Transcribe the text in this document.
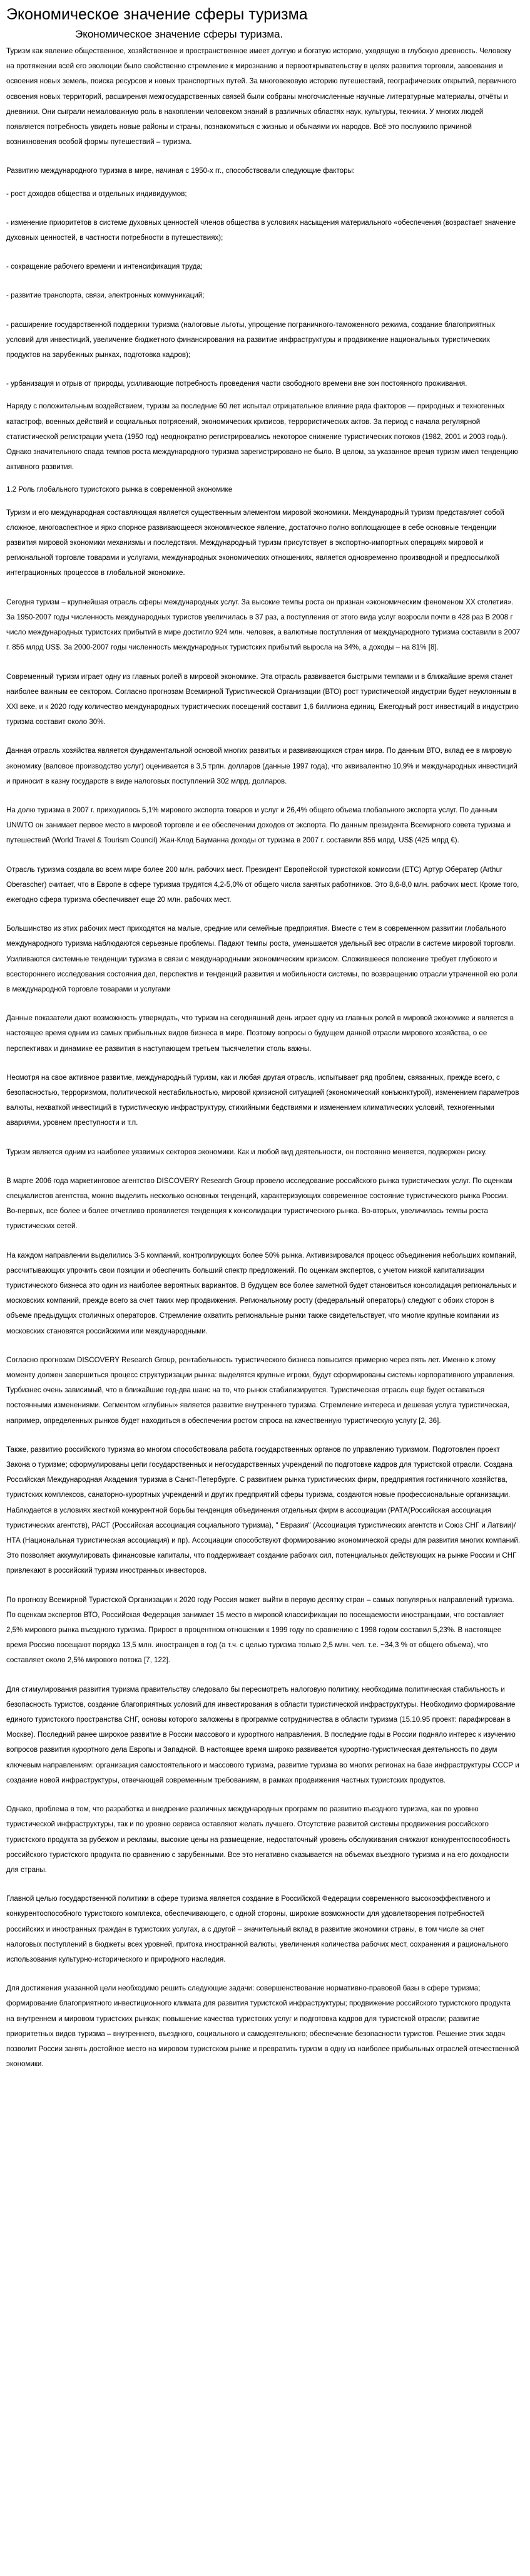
Экономическое значение сферы туризма
Экономическое значение сферы туризма.

Туризм как явление общественное, хозяйственное и пространственное имеет долгую и богатую историю, уходящую в глубокую древность. Человеку на протяжении всей его эволюции было свойственно стремление к мирознанию и первооткрывательству в целях развития торговли, завоевания и освоения новых земель, поиска ресурсов и новых транспортных путей. За многовековую историю путешествий, географических открытий, первичного освоения новых территорий, расширения межгосударственных связей были собраны многочисленные научные литературные материалы, отчёты и дневники. Они сыграли немаловажную роль в накоплении человеком знаний в различных областях наук, культуры, техники. У многих людей появляется потребность увидеть новые районы и страны, познакомиться с жизнью и обычаями их народов. Всё это послужило причиной возникновения особой формы путешествий – туризма.

Развитию международного туризма в мире, начиная с 1950-х гг., способствовали следующие факторы:

- рост доходов общества и отдельных индивидуумов;

- изменение приоритетов в системе духовных ценностей членов общества в условиях насыщения материального «обеспечения (возрастает значение духовных ценностей, в частности потребности в путешествиях);

- сокращение рабочего времени и интенсификация труда;

- развитие транспорта, связи, электронных коммуникаций;

- расширение государственной поддержки туризма (налоговые льготы, упрощение пограничного-таможенного режима, создание благоприятных условий для инвестиций, увеличение бюджетного финансирования на развитие инфраструктуры и продвижение национальных туристических продуктов на зарубежных рынках, подготовка кадров);

- урбанизация и отрыв от природы, усиливающие потребность проведения части свободного времени вне зон постоянного проживания.

Наряду с положительным воздействием, туризм за последние 60 лет испытал отрицательное влияние ряда факторов — природных и техногенных катастроф, военных действий и социальных потрясений, экономических кризисов, террористических актов. За период с начала регулярной статистической регистрации учета (1950 год) неоднократно регистрировались некоторое снижение туристических потоков (1982, 2001 и 2003 годы). Однако значительного спада темпов роста международного туризма зарегистрировано не было. В целом, за указанное время туризм имел тенденцию активного развития.

1.2 Роль глобального туристского рынка в современной экономике

Туризм и его международная составляющая является существенным элементом мировой экономики. Международный туризм представляет собой сложное, многоаспектное и ярко спорное развивающееся экономическое явление, достаточно полно воплощающее в себе основные тенденции развития мировой экономики механизмы и последствия. Международный туризм присутствует в экспортно-импортных операциях мировой и региональной торговле товарами и услугами, международных экономических отношениях, является одновременно производной и предпосылкой интеграционных процессов в глобальной экономике.

Сегодня туризм – крупнейшая отрасль сферы международных услуг. За высокие темпы роста он признан «экономическим феноменом XX столетия». За 1950-2007 годы численность международных туристов увеличилась в 37 раз, а поступления от этого вида услуг возросли почти в 428 раз В 2008 г число международных туристских прибытий в мире достигло 924 млн. человек, а валютные поступления от международного туризма составили в 2007 г. 856 млрд US$. За 2000-2007 годы численность международных туристских прибытий выросла на 34%, а доходы – на 81% [8].

Современный туризм играет одну из главных ролей в мировой экономике. Эта отрасль развивается быстрыми темпами и в ближайшие время станет наиболее важным ее сектором. Согласно прогнозам Всемирной Туристической Организации (ВТО) рост туристической индустрии будет неуклонным в XXI веке, и к 2020 году количество международных туристических посещений составит 1,6 биллиона единиц. Ежегодный рост инвестиций в индустрию туризма составит около 30%.

Данная отрасль хозяйства является фундаментальной основой многих развитых и развивающихся стран мира. По данным ВТО, вклад ее в мировую экономику (валовое производство услуг) оценивается в 3,5 трлн. долларов (данные 1997 года), что эквивалентно 10,9% и международных инвестиций и приносит в казну государств в виде налоговых поступлений 302 млрд. долларов.

На долю туризма в 2007 г. приходилось 5,1% мирового экспорта товаров и услуг и 26,4% общего объема глобального экспорта услуг. По данным UNWTO он занимает первое место в мировой торговле и ее обеспечении доходов от экспорта. По данным президента Всемирного совета туризма и путешествий (World Travel & Tourism Council) Жан-Клод Бауманна доходы от туризма в 2007 г. составили 856 млрд. US$ (425 млрд €).

Отрасль туризма создала во всем мире более 200 млн. рабочих мест. Президент Европейской туристской комиссии (ETC) Артур Обератер (Arthur Oberascher) считает, что в Европе в сфере туризма трудятся 4,2-5,0% от общего числа занятых работников. Это 8,6-8,0 млн. рабочих мест. Кроме того, ежегодно сфера туризма обеспечивает еще 20 млн. рабочих мест.

Большинство из этих рабочих мест приходятся на малые, средние или семейные предприятия. Вместе с тем в современном развитии глобального международного туризма наблюдаются серьезные проблемы. Падают темпы роста, уменьшается удельный вес отрасли в системе мировой торговли. Усиливаются системные тенденции туризма в связи с международными экономическим кризисом. Сложившееся положение требует глубокого и всестороннего исследования состояния дел, перспектив и тенденций развития и мобильности системы, по возвращению отрасли утраченной ею роли в международной торговле товарами и услугами

Данные показатели дают возможность утверждать, что туризм на сегодняшний день играет одну из главных ролей в мировой экономике и является в настоящее время одним из самых прибыльных видов бизнеса в мире. Поэтому вопросы о будущем данной отрасли мирового хозяйства, о ее перспективах и динамике ее развития в наступающем третьем тысячелетии столь важны.

Несмотря на свое активное развитие, международный туризм, как и любая другая отрасль, испытывает ряд проблем, связанных, прежде всего, с безопасностью, терроризмом, политической нестабильностью, мировой кризисной ситуацией (экономический конъюнктурой), изменением параметров валюты, нехваткой инвестиций в туристическую инфраструктуру, стихийными бедствиями и изменением климатических условий, техногенными авариями, уровнем преступности и т.п.

Туризм является одним из наиболее уязвимых секторов экономики. Как и любой вид деятельности, он постоянно меняется, подвержен риску.

В марте 2006 года маркетинговое агентство DISCOVERY Research Group провело исследование российского рынка туристических услуг. По оценкам специалистов агентства, можно выделить несколько основных тенденций, характеризующих современное состояние туристического рынка России. Во-первых, все более и более отчетливо проявляется тенденция к консолидации туристического рынка. Во-вторых, увеличилась темпы роста туристических сетей.

На каждом направлении выделились 3-5 компаний, контролирующих более 50% рынка. Активизировался процесс объединения небольших компаний, рассчитывающих упрочить свои позиции и обеспечить больший спектр предложений. По оценкам экспертов, с учетом низкой капитализации туристического бизнеса это один из наиболее вероятных вариантов. В будущем все более заметной будет становиться консолидация региональных и московских компаний, прежде всего за счет таких мер продвижения. Региональному росту (федеральный операторы) следуют с обоих сторон в объеме предыдущих столичных операторов. Стремление охватить региональные рынки также свидетельствует, что многие крупные компании из московских становятся российскими или международными.

Согласно прогнозам DISCOVERY Research Group, рентабельность туристического бизнеса повысится примерно через пять лет. Именно к этому моменту должен завершиться процесс структуризации рынка: выделятся крупные игроки, будут сформированы системы корпоративного управления. Турбизнес очень зависимый, что в ближайшие год-два шанс на то, что рынок стабилизируется. Туристическая отрасль еще будет оставаться постоянными изменениями. Сегментом «глубины» является развитие внутреннего туризма. Стремление интереса и дешевая услуга туристическая, например, определенных рынков будет находиться в обеспечении ростом спроса на качественную туристическую услугу [2, 36].

Также, развитию российского туризма во многом способствовала работа государственных органов по управлению туризмом. Подготовлен проект Закона о туризме; сформулированы цепи государственных и негосударственных учреждений по подготовке кадров для туристской отрасли. Создана Российская Международная Академия туризма в Санкт-Петербурге. С развитием рынка туристических фирм, предприятия гостиничного хозяйства, туристских комплексов, санаторно-курортных учреждений и других предприятий сферы туризма, создаются новые профессиональные организации. Наблюдается в условиях жесткой конкурентной борьбы тенденция объединения отдельных фирм в ассоциации (РАТА(Российская ассоциация туристических агентств), РАСТ (Российская ассоциация социального туризма), " Евразия" (Ассоциация туристических агентств и Союз СНГ и Латвии)/НТА (Национальная туристическая ассоциация) и пр). Ассоциации способствуют формированию экономической среды для развития многих компаний. Это позволяет аккумулировать финансовые капиталы, что поддерживает создание рабочих сил, потенциальных действующих на рынке России и СНГ привлекают в российский туризм иностранных инвесторов.

По прогнозу Всемирной Туристской Организации к 2020 году Россия может выйти в первую десятку стран – самых популярных направлений туризма. По оценкам экспертов ВТО, Российская Федерация занимает 15 место в мировой классификации по посещаемости иностранцами, что составляет 2,5% мирового рынка въездного туризма. Прирост в процентном отношении к 1999 году по сравнению с 1998 годом составил 5,23%. В настоящее время Россию посещают порядка 13,5 млн. иностранцев в год (а т.ч. с целью туризма только 2,5 млн. чел. т.е. ~34,3 % от общего объема), что составляет около 2,5% мирового потока [7, 122].

Для стимулирования развития туризма правительству следовало бы пересмотреть налоговую политику, необходима политическая стабильность и безопасность туристов, создание благоприятных условий для инвестирования в области туристической инфраструктуры. Необходимо формирование единого туристского пространства СНГ, основы которого заложены в программе сотрудничества в области туризма (15.10.95 проект: парафирован в Москве). Последний ранее широкое развитие в России массового и курортного направления. В последние годы в России подняло интерес к изучению вопросов развития курортного дела Европы и Западной. В настоящее время широко развивается курортно-туристическая деятельность по двум ключевым направлениям: организация самостоятельного и массового туризма, развитие туризма во многих регионах на базе инфраструктуры СССР и создание новой инфраструктуры, отвечающей современным требованиям, в рамках продвижения частных туристских продуктов.

Однако, проблема в том, что разработка и внедрение различных международных программ по развитию въездного туризма, как по уровню туристической инфраструктуры, так и по уровню сервиса оставляют желать лучшего. Отсутствие развитой системы продвижения российского туристского продукта за рубежом и рекламы, высокие цены на размещение, недостаточный уровень обслуживания снижают конкурентоспособность российского туристского продукта по сравнению с зарубежными. Все это негативно сказывается на объемах въездного туризма и на его доходности для страны.

Главной целью государственной политики в сфере туризма является создание в Российской Федерации современного высокоэффективного и конкурентоспособного туристского комплекса, обеспечивающего, с одной стороны, широкие возможности для удовлетворения потребностей российских и иностранных граждан в туристских услугах, а с другой – значительный вклад в развитие экономики страны, в том числе за счет налоговых поступлений в бюджеты всех уровней, притока иностранной валюты, увеличения количества рабочих мест, сохранения и рационального использования культурно-исторического и природного наследия.

Для достижения указанной цели необходимо решить следующие задачи: совершенствование нормативно-правовой базы в сфере туризма; формирование благоприятного инвестиционного климата для развития туристской инфраструктуры; продвижение российского туристского продукта на внутреннем и мировом туристских рынках; повышение качества туристских услуг и подготовка кадров для туристской отрасли; развитие приоритетных видов туризма – внутреннего, въездного, социального и самодеятельного; обеспечение безопасности туристов. Решение этих задач позволит России занять достойное место на мировом туристском рынке и превратить туризм в одну из наиболее прибыльных отраслей отечественной экономики.
